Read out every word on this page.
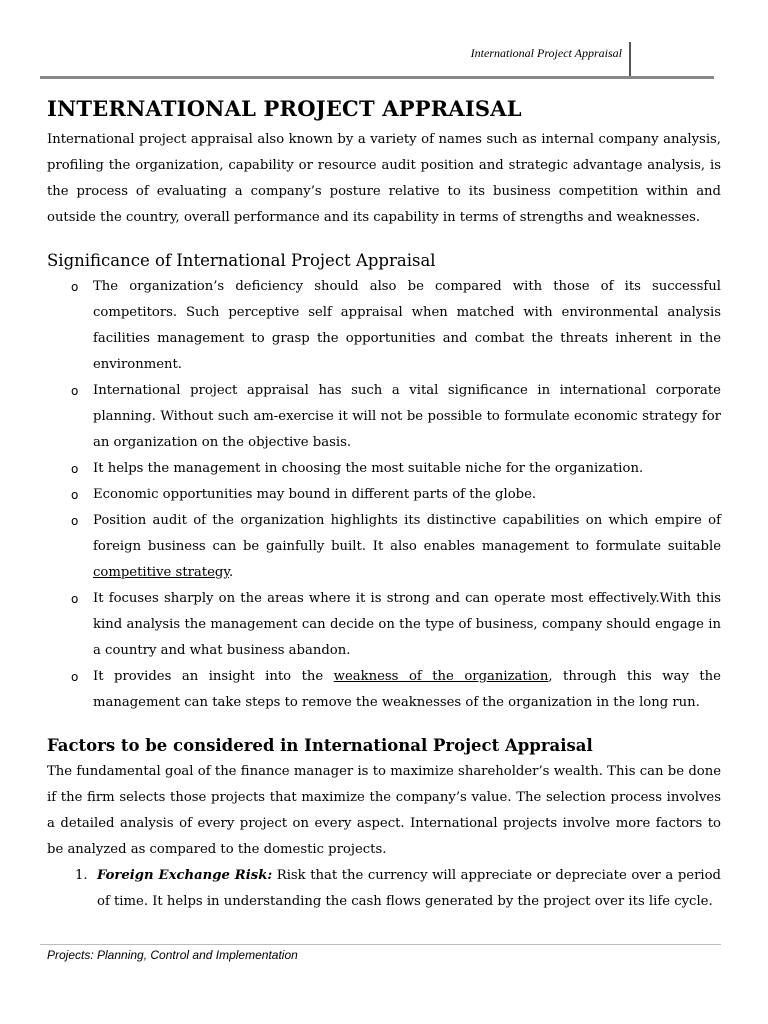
International Project Appraisal
INTERNATIONAL PROJECT APPRAISAL

International project appraisal also known by a variety of names such as internal company analysis, profiling the organization, capability or resource audit position and strategic advantage analysis, is the process of evaluating a company’s posture relative to its business competition within and outside the country, overall performance and its capability in terms of strengths and weaknesses.

Significance of International Project Appraisal
o The organization’s deficiency should also be compared with those of its successful competitors. Such perceptive self appraisal when matched with environmental analysis facilities management to grasp the opportunities and combat the threats inherent in the environment.
o International project appraisal has such a vital significance in international corporate planning. Without such am-exercise it will not be possible to formulate economic strategy for an organization on the objective basis.
o It helps the management in choosing the most suitable niche for the organization.
o Economic opportunities may bound in different parts of the globe.
o Position audit of the organization highlights its distinctive capabilities on which empire of foreign business can be gainfully built. It also enables management to formulate suitable competitive strategy.
o It focuses sharply on the areas where it is strong and can operate most effectively.With this kind analysis the management can decide on the type of business, company should engage in a country and what business abandon.
o It provides an insight into the weakness of the organization, through this way the management can take steps to remove the weaknesses of the organization in the long run.
Factors to be considered in International Project Appraisal

The fundamental goal of the finance manager is to maximize shareholder’s wealth. This can be done if the firm selects those projects that maximize the company’s value. The selection process involves a detailed analysis of every project on every aspect. International projects involve more factors to be analyzed as compared to the domestic projects.

1. Foreign Exchange Risk: Risk that the currency will appreciate or depreciate over a period of time. It helps in understanding the cash flows generated by the project over its life cycle.
Projects: Planning, Control and Implementation
